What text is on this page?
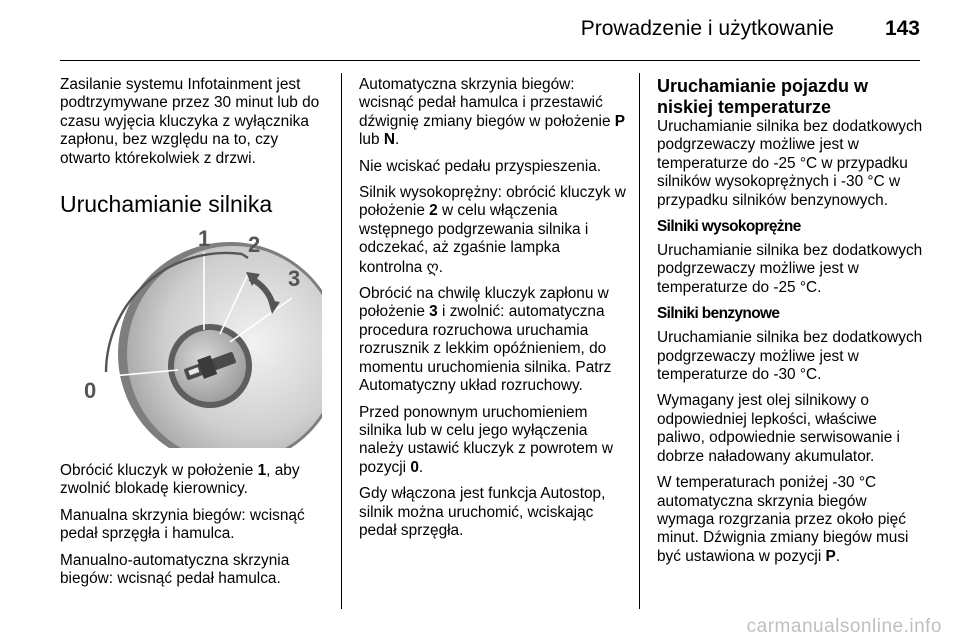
Prowadzenie i użytkowanie 143

Zasilanie systemu Infotainment jest podtrzymywane przez 30 minut lub do czasu wyjęcia kluczyka z wyłącznika zapłonu, bez względu na to, czy otwarto którekolwiek z drzwi.

Uruchamianie silnika
1 2
3
0

Obrócić kluczyk w położenie 1, aby zwolnić blokadę kierownicy.

Manualna skrzynia biegów: wcisnąć pedał sprzęgła i hamulca.

Manualno-automatyczna skrzynia biegów: wcisnąć pedał hamulca.

Automatyczna skrzynia biegów: wcisnąć pedał hamulca i przestawić dźwignię zmiany biegów w położenie P lub N.

Nie wciskać pedału przyspieszenia.

Silnik wysokoprężny: obrócić kluczyk w położenie 2 w celu włączenia wstępnego podgrzewania silnika i odczekać, aż zgaśnie lampka kontrolna ღ.

Obrócić na chwilę kluczyk zapłonu w położenie 3 i zwolnić: automatyczna procedura rozruchowa uruchamia rozrusznik z lekkim opóźnieniem, do momentu uruchomienia silnika. Patrz Automatyczny układ rozruchowy.

Przed ponownym uruchomieniem silnika lub w celu jego wyłączenia należy ustawić kluczyk z powrotem w pozycji 0.

Gdy włączona jest funkcja Autostop, silnik można uruchomić, wciskając pedał sprzęgła.

Uruchamianie pojazdu w niskiej temperaturze

Uruchamianie silnika bez dodatkowych podgrzewaczy możliwe jest w temperaturze do -25 °C w przypadku silników wysokoprężnych i -30 °C w przypadku silników benzynowych.

Silniki wysokoprężne

Uruchamianie silnika bez dodatkowych podgrzewaczy możliwe jest w temperaturze do -25 °C.

Silniki benzynowe

Uruchamianie silnika bez dodatkowych podgrzewaczy możliwe jest w temperaturze do -30 °C.

Wymagany jest olej silnikowy o odpowiedniej lepkości, właściwe paliwo, odpowiednie serwisowanie i dobrze naładowany akumulator.

W temperaturach poniżej -30 °C automatyczna skrzynia biegów wymaga rozgrzania przez około pięć minut. Dźwignia zmiany biegów musi być ustawiona w pozycji P.

carmanualsonline.info
